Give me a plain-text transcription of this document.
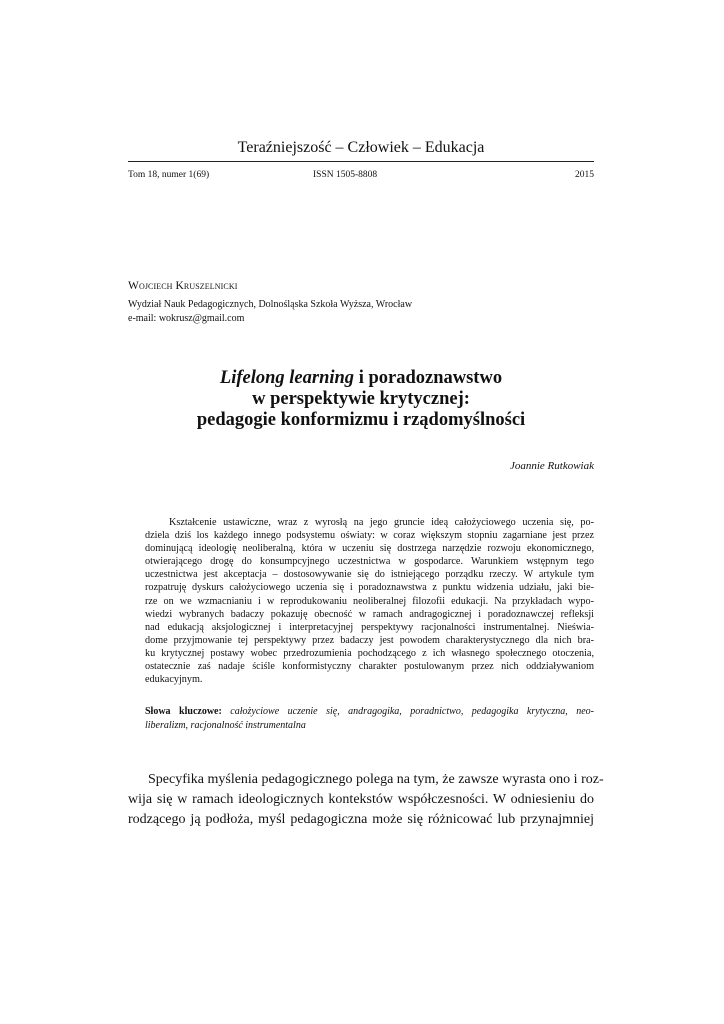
Teraźniejszość – Człowiek – Edukacja
Tom 18, numer 1(69)	ISSN 1505-8808	2015
Wojciech Kruszelnicki
Wydział Nauk Pedagogicznych, Dolnośląska Szkoła Wyższa, Wrocław
e-mail: wokrusz@gmail.com
Lifelong learning i poradoznawstwo
w perspektywie krytycznej:
pedagogie konformizmu i rządomyślności
Joannie Rutkowiak
Kształcenie ustawiczne, wraz z wyrosłą na jego gruncie ideą całożyciowego uczenia się, po-
dziela dziś los każdego innego podsystemu oświaty: w coraz większym stopniu zagarniane jest przez
dominującą ideologię neoliberalną, która w uczeniu się dostrzega narzędzie rozwoju ekonomicznego,
otwierającego drogę do konsumpcyjnego uczestnictwa w gospodarce. Warunkiem wstępnym tego
uczestnictwa jest akceptacja – dostosowywanie się do istniejącego porządku rzeczy. W artykule tym
rozpatruję dyskurs całożyciowego uczenia się i poradoznawstwa z punktu widzenia udziału, jaki bie-
rze on we wzmacnianiu i w reprodukowaniu neoliberalnej filozofii edukacji. Na przykładach wypo-
wiedzi wybranych badaczy pokazuję obecność w ramach andragogicznej i poradoznawczej refleksji
nad edukacją aksjologicznej i interpretacyjnej perspektywy racjonalności instrumentalnej. Nieświa-
dome przyjmowanie tej perspektywy przez badaczy jest powodem charakterystycznego dla nich bra-
ku krytycznej postawy wobec przedrozumienia pochodzącego z ich własnego społecznego otoczenia,
ostatecznie zaś nadaje ściśle konformistyczny charakter postulowanym przez nich oddziaływaniom
edukacyjnym.
Słowa kluczowe: całożyciowe uczenie się, andragogika, poradnictwo, pedagogika krytyczna, neo-
liberalizm, racjonalność instrumentalna
Specyfika myślenia pedagogicznego polega na tym, że zawsze wyrasta ono i roz-
wija się w ramach ideologicznych kontekstów współczesności. W odniesieniu do
rodzącego ją podłoża, myśl pedagogiczna może się różnicować lub przynajmniej
